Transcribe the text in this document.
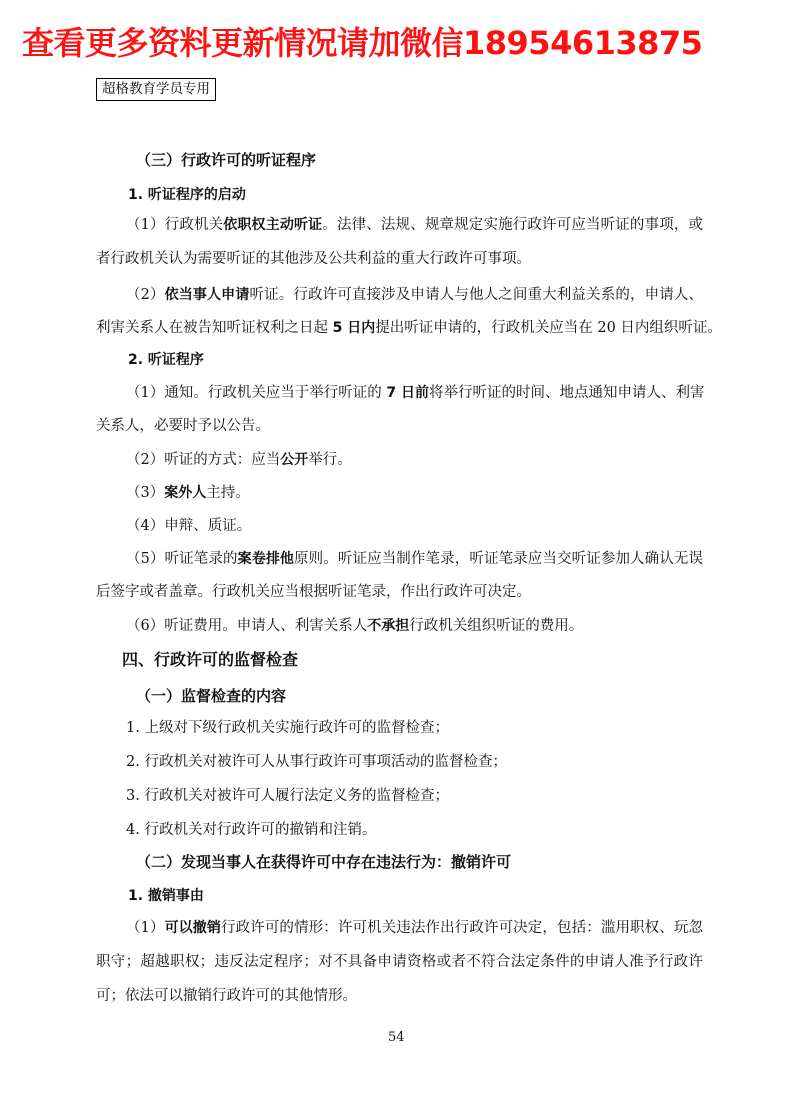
查看更多资料更新情况请加微信18954613875
超格教育学员专用
（三）行政许可的听证程序
1. 听证程序的启动
（1）行政机关依职权主动听证。法律、法规、规章规定实施行政许可应当听证的事项，或
者行政机关认为需要听证的其他涉及公共利益的重大行政许可事项。
（2）依当事人申请听证。行政许可直接涉及申请人与他人之间重大利益关系的，申请人、
利害关系人在被告知听证权利之日起 5 日内提出听证申请的，行政机关应当在 20 日内组织听证。
2. 听证程序
（1）通知。行政机关应当于举行听证的 7 日前将举行听证的时间、地点通知申请人、利害
关系人，必要时予以公告。
（2）听证的方式：应当公开举行。
（3）案外人主持。
（4）申辩、质证。
（5）听证笔录的案卷排他原则。听证应当制作笔录，听证笔录应当交听证参加人确认无误
后签字或者盖章。行政机关应当根据听证笔录，作出行政许可决定。
（6）听证费用。申请人、利害关系人不承担行政机关组织听证的费用。
四、行政许可的监督检查
（一）监督检查的内容
1. 上级对下级行政机关实施行政许可的监督检查；
2. 行政机关对被许可人从事行政许可事项活动的监督检查；
3. 行政机关对被许可人履行法定义务的监督检查；
4. 行政机关对行政许可的撤销和注销。
（二）发现当事人在获得许可中存在违法行为：撤销许可
1. 撤销事由
（1）可以撤销行政许可的情形：许可机关违法作出行政许可决定，包括：滥用职权、玩忽
职守；超越职权；违反法定程序；对不具备申请资格或者不符合法定条件的申请人准予行政许
可；依法可以撤销行政许可的其他情形。
54
